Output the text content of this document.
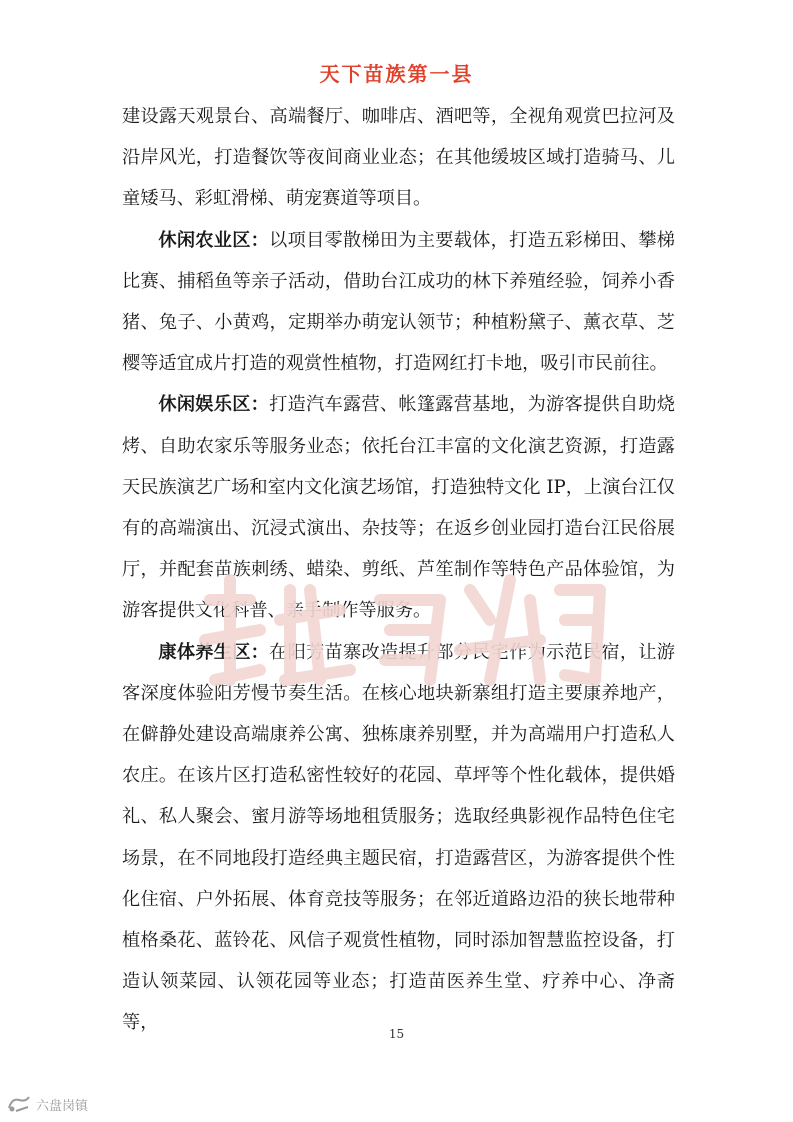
天下苗族第一县

建设露天观景台、高端餐厅、咖啡店、酒吧等，全视角观赏巴拉河及沿岸风光，打造餐饮等夜间商业业态；在其他缓坡区域打造骑马、儿童矮马、彩虹滑梯、萌宠赛道等项目。

休闲农业区：以项目零散梯田为主要载体，打造五彩梯田、攀梯比赛、捕稻鱼等亲子活动，借助台江成功的林下养殖经验，饲养小香猪、兔子、小黄鸡，定期举办萌宠认领节；种植粉黛子、薰衣草、芝樱等适宜成片打造的观赏性植物，打造网红打卡地，吸引市民前往。

休闲娱乐区：打造汽车露营、帐篷露营基地，为游客提供自助烧烤、自助农家乐等服务业态；依托台江丰富的文化演艺资源，打造露天民族演艺广场和室内文化演艺场馆，打造独特文化 IP，上演台江仅有的高端演出、沉浸式演出、杂技等；在返乡创业园打造台江民俗展厅，并配套苗族刺绣、蜡染、剪纸、芦笙制作等特色产品体验馆，为游客提供文化科普、亲手制作等服务。

康体养生区：在阳芳苗寨改造提升部分民宅作为示范民宿，让游客深度体验阳芳慢节奏生活。在核心地块新寨组打造主要康养地产，在僻静处建设高端康养公寓、独栋康养别墅，并为高端用户打造私人农庄。在该片区打造私密性较好的花园、草坪等个性化载体，提供婚礼、私人聚会、蜜月游等场地租赁服务；选取经典影视作品特色住宅场景，在不同地段打造经典主题民宿，打造露营区，为游客提供个性化住宿、户外拓展、体育竞技等服务；在邻近道路边沿的狭长地带种植格桑花、蓝铃花、风信子观赏性植物，同时添加智慧监控设备，打造认领菜园、认领花园等业态；打造苗医养生堂、疗养中心、净斋等，

15
六盘岗镇
